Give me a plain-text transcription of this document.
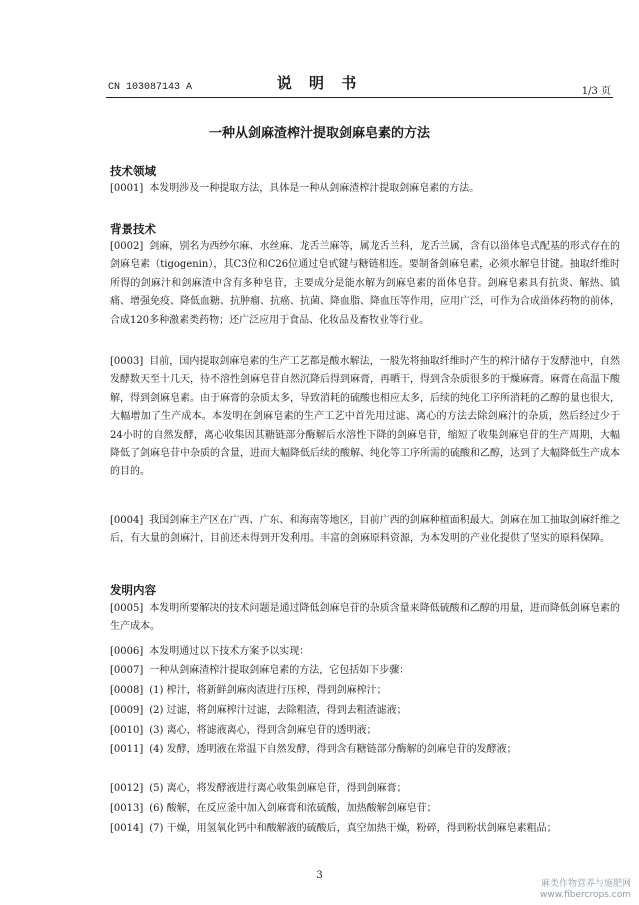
CN 103087143 A	说 明 书	1/3 页
一种从剑麻渣榨汁提取剑麻皂素的方法
技术领域
[0001] 本发明涉及一种提取方法，具体是一种从剑麻渣榨汁提取剑麻皂素的方法。
背景技术
[0002] 剑麻，别名为西纱尔麻、水丝麻、龙舌兰麻等，属龙舌兰科，龙舌兰属，含有以甾体皂式配基的形式存在的剑麻皂素（tigogenin），其C3位和C26位通过皂甙键与糖链相连。要制备剑麻皂素，必须水解皂甘键。抽取纤维时所得的剑麻汁和剑麻渣中含有多种皂苷，主要成分是能水解为剑麻皂素的甾体皂苷。剑麻皂素具有抗炎、解热、镇痛、增强免疫、降低血糖、抗肿瘤、抗癌、抗菌、降血脂、降血压等作用，应用广泛，可作为合成甾体药物的前体，合成120多种激素类药物；还广泛应用于食品、化妆品及畜牧业等行业。
[0003] 目前，国内提取剑麻皂素的生产工艺都是酸水解法，一般先将抽取纤维时产生的榨汁储存于发酵池中，自然发酵数天至十几天，待不溶性剑麻皂苷自然沉降后得到麻膏，再晒干，得到含杂质很多的干燥麻膏。麻膏在高温下酸解，得到剑麻皂素。由于麻膏的杂质太多，导致消耗的硫酸也相应太多，后续的纯化工序所消耗的乙醇的量也很大，大幅增加了生产成本。本发明在剑麻皂素的生产工艺中首先用过滤、离心的方法去除剑麻汁的杂质，然后经过少于24小时的自然发酵，离心收集因其糖链部分酶解后水溶性下降的剑麻皂苷，缩短了收集剑麻皂苷的生产周期，大幅降低了剑麻皂苷中杂质的含量，进而大幅降低后续的酸解、纯化等工序所需的硫酸和乙醇，达到了大幅降低生产成本的目的。
[0004] 我国剑麻主产区在广西、广东、和海南等地区，目前广西的剑麻种植面积最大。剑麻在加工抽取剑麻纤维之后，有大量的剑麻汁，目前还未得到开发利用。丰富的剑麻原料资源，为本发明的产业化提供了坚实的原料保障。
发明内容
[0005] 本发明所要解决的技术问题是通过降低剑麻皂苷的杂质含量来降低硫酸和乙醇的用量，进而降低剑麻皂素的生产成本。
[0006] 本发明通过以下技术方案予以实现：
[0007] 一种从剑麻渣榨汁提取剑麻皂素的方法，它包括如下步骤：
[0008] (1) 榨汁，将新鲜剑麻肉渣进行压榨，得到剑麻榨汁；
[0009] (2) 过滤，将剑麻榨汁过滤，去除粗渣，得到去粗渣滤液；
[0010] (3) 离心，将滤液离心，得到含剑麻皂苷的透明液；
[0011] (4) 发酵，透明液在常温下自然发酵，得到含有糖链部分酶解的剑麻皂苷的发酵液；
[0012] (5) 离心，将发酵液进行离心收集剑麻皂苷，得到剑麻膏；
[0013] (6) 酸解，在反应釜中加入剑麻膏和浓硫酸，加热酸解剑麻皂苷；
[0014] (7) 干燥，用氢氧化钙中和酸解液的硫酸后，真空加热干燥，粉碎，得到粉状剑麻皂素粗品；
3
麻类作物营养与施肥网
www.fibercrops.com
